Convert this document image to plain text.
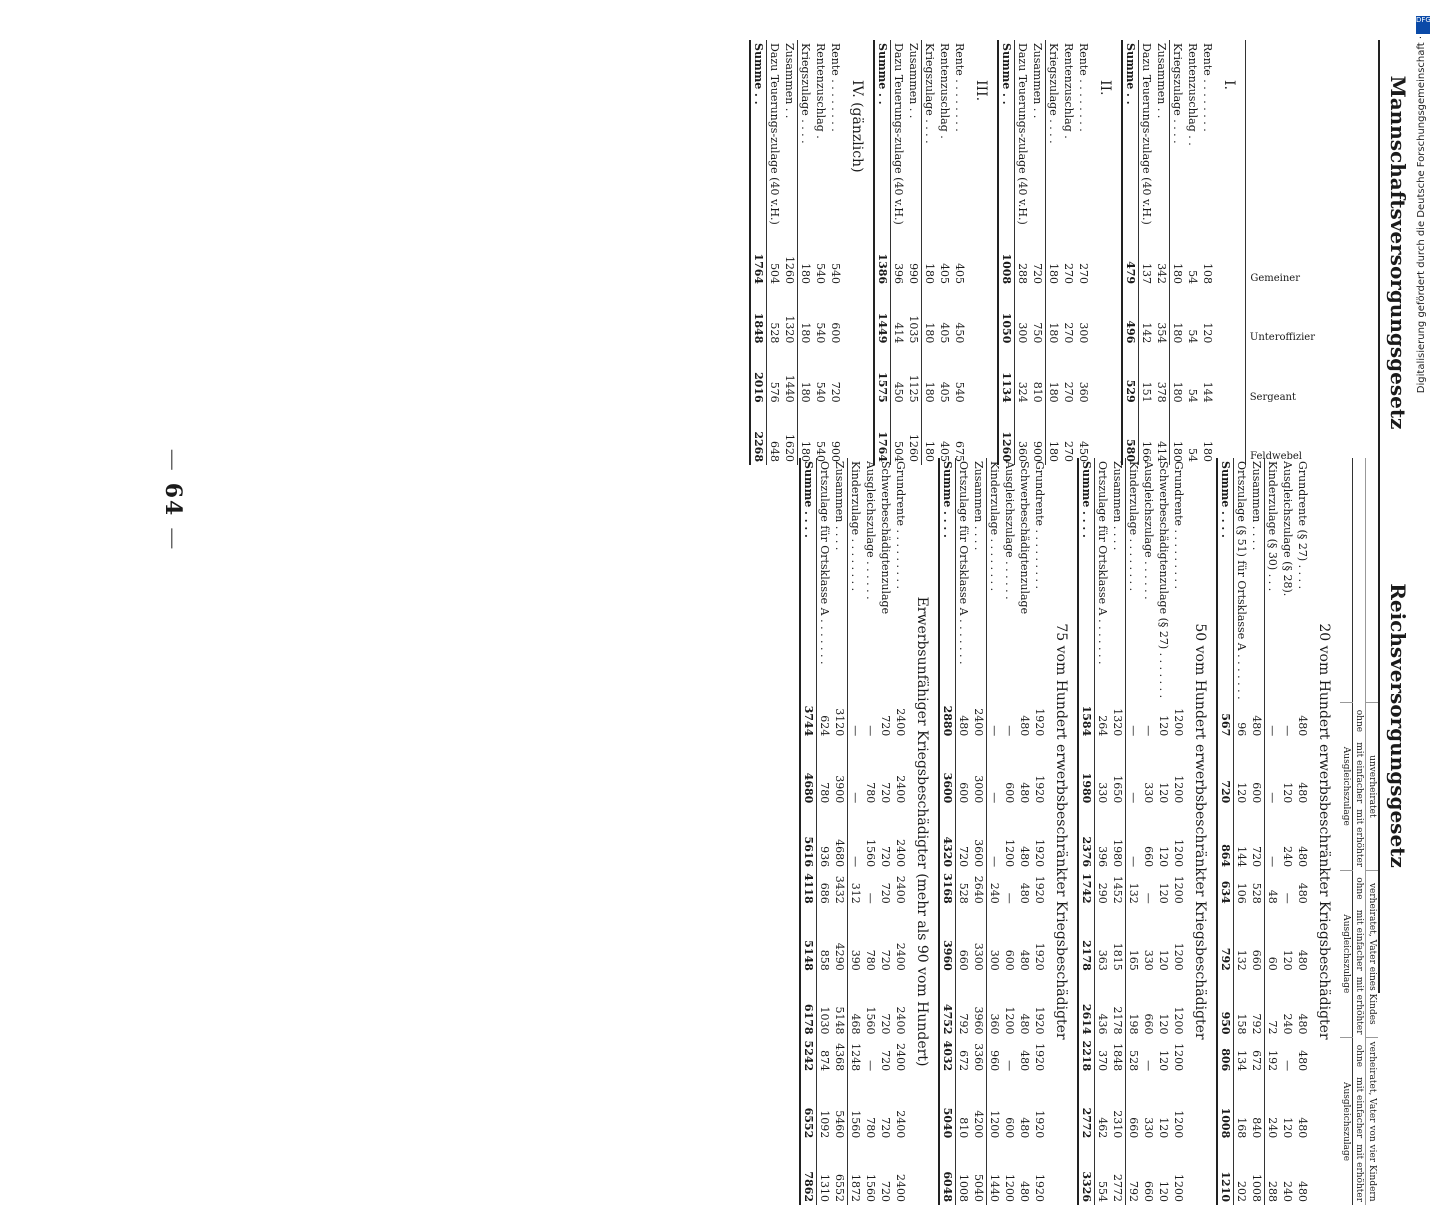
Mannschaftsversorgungsgesetz
	Gemeiner	Unteroffizier	Sergeant	Feldwebel
I.				
Rente . . . . . . . .	108	120	144	180
Rentenzuschlag . .	54	54	54	54
Kriegszulage . . . .	180	180	180	180
Zusammen . .	342	354	378	414
Dazu Teuerungs-zulage (40 v.H.)	137	142	151	166
Summe . .	479	496	529	580
II.				
Rente . . . . . . . .	270	300	360	450
Rentenzuschlag .	270	270	270	270
Kriegszulage . . . .	180	180	180	180
Zusammen . .	720	750	810	900
Dazu Teuerungs-zulage (40 v.H.)	288	300	324	360
Summe . .	1008	1050	1134	1260
III.				
Rente . . . . . . . .	405	450	540	675
Rentenzuschlag .	405	405	405	405
Kriegszulage . . . .	180	180	180	180
Zusammen . .	990	1035	1125	1260
Dazu Teuerungs-zulage (40 v.H.)	396	414	450	504
Summe . .	1386	1449	1575	1764
IV. (gänzlich)				
Rente . . . . . . . .	540	600	720	900
Rentenzuschlag .	540	540	540	540
Kriegszulage . . . .	180	180	180	180
Zusammen . .	1260	1320	1440	1620
Dazu Teuerungs-zulage (40 v.H.)	504	528	576	648
Summe . .	1764	1848	2016	2268
Reichsversorgungsgesetz
	unverheiratet			verheiratet, Vater eines Kindes			verheiratet, Vater von vier Kindern		
	ohne	mit einfacher	mit erhöhter	ohne	mit einfacher	mit erhöhter	ohne	mit einfacher	mit erhöhter
	Ausgleichszulage			Ausgleichszulage			Ausgleichszulage		
20 vom Hundert erwerbsbeschränkter Kriegsbeschädigter									
Grundrente (§ 27) . . . .	480	480	480	480	480	480	480	480	480
Ausgleichszulage (§ 28).	—	120	240	—	120	240	—	120	240
Kinderzulage (§ 30) . . .	—	—	—	48	60	72	192	240	288
Zusammen . . . .	480	600	720	528	660	792	672	840	1008
Ortszulage (§ 51) für Ortsklasse A . . . . . . .	96	120	144	106	132	158	134	168	202
Summe . . . .	567	720	864	634	792	950	806	1008	1210
50 vom Hundert erwerbsbeschränkter Kriegsbeschädigter									
Grundrente . . . . . . . . .	1200	1200	1200	1200	1200	1200	1200	1200	1200
Schwerbeschädigtenzulage (§ 27) . . . . . . .	120	120	120	120	120	120	120	120	120
Ausgleichszulage . . . . . .	—	330	660	—	330	660	—	330	660
Kinderzulage . . . . . . . .	—	—	—	132	165	198	528	660	792
Zusammen . . . .	1320	1650	1980	1452	1815	2178	1848	2310	2772
Ortszulage für Ortsklasse A . . . . . . .	264	330	396	290	363	436	370	462	554
Summe . . . .	1584	1980	2376	1742	2178	2614	2218	2772	3326
75 vom Hundert erwerbsbeschränkter Kriegsbeschädigter									
Grundrente . . . . . . . . .	1920	1920	1920	1920	1920	1920	1920	1920	1920
Schwerbeschädigtenzulage	480	480	480	480	480	480	480	480	480
Ausgleichszulage . . . . . .	—	600	1200	—	600	1200	—	600	1200
Kinderzulage . . . . . . . .	—	—	—	240	300	360	960	1200	1440
Zusammen . . . .	2400	3000	3600	2640	3300	3960	3360	4200	5040
Ortszulage für Ortsklasse A . . . . . . .	480	600	720	528	660	792	672	810	1008
Summe . . . .	2880	3600	4320	3168	3960	4752	4032	5040	6048
Erwerbsunfähiger Kriegsbeschädigter (mehr als 90 vom Hundert)									
Grundrente . . . . . . . . .	2400	2400	2400	2400	2400	2400	2400	2400	2400
Schwerbeschädigtenzulage	720	720	720	720	720	720	720	720	720
Ausgleichszulage . . . . . .	—	780	1560	—	780	1560	—	780	1560
Kinderzulage . . . . . . . .	—	—	—	312	390	468	1248	1560	1872
Zusammen . . . .	3120	3900	4680	3432	4290	5148	4368	5460	6552
Ortszulage für Ortsklasse A . . . . . . .	624	780	936	686	858	1030	874	1092	1310
Summe . . . .	3744	4680	5616	4118	5148	6178	5242	6552	7862
—64—
DFG
Digitalisierung gefördert durch die Deutsche Forschungsgemeinschaft ·
